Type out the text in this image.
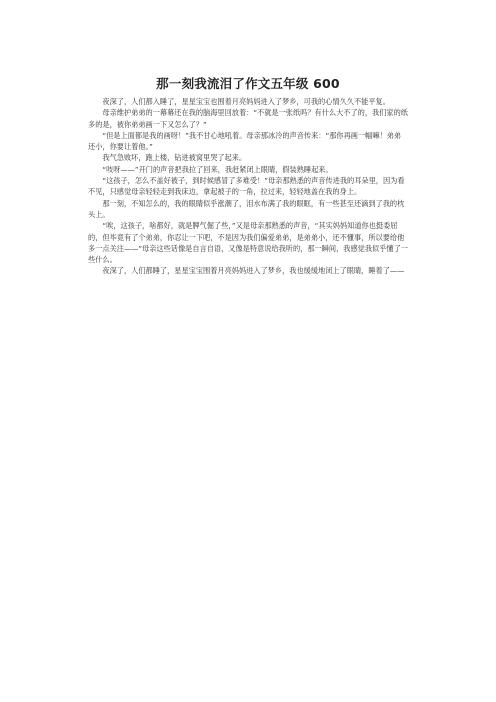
那一刻我流泪了作文五年级 600

夜深了，人们都入睡了，星星宝宝也围着月亮妈妈进入了梦乡，可我的心情久久不能平复。

母亲维护弟弟的一幕幕还在我的脑海里回放着：“不就是一张纸吗？有什么大不了的，我们家的纸多的是，被你弟弟画一下又怎么了？”

“但是上面都是我的画呀！”我不甘心地吼着。母亲那冰冷的声音传来：“那你再画一幅嘛！弟弟还小，你要让着他。”

我气急败坏，跑上楼，钻进被窝里哭了起来。

“吱呀——”开门的声音把我拉了回来，我赶紧闭上眼睛，假装熟睡起来。

“这孩子，怎么不盖好被子，到时候感冒了多难受！”母亲那熟悉的声音传进我的耳朵里，因为看不见，只感觉母亲轻轻走到我床边，拿起被子的一角，拉过来，轻轻地盖在我的身上。

那一刻，不知怎么的，我的眼睛似乎涨潮了，泪水布满了我的眼眶，有一些甚至还滴到了我的枕头上。

“唉，这孩子，啥都好，就是脾气倔了些，”又是母亲那熟悉的声音，“其实妈妈知道你也挺委屈的，但毕竟有了个弟弟，你忍让一下吧，不是因为我们偏爱弟弟，是弟弟小，还不懂事，所以要给他多一点关注——”母亲这些话像是自言自语，又像是特意说给我听的，那一瞬间，我感觉我似乎懂了一些什么。

夜深了，人们都睡了，星星宝宝围着月亮妈妈进入了梦乡，我也缓缓地闭上了眼睛，睡着了——
